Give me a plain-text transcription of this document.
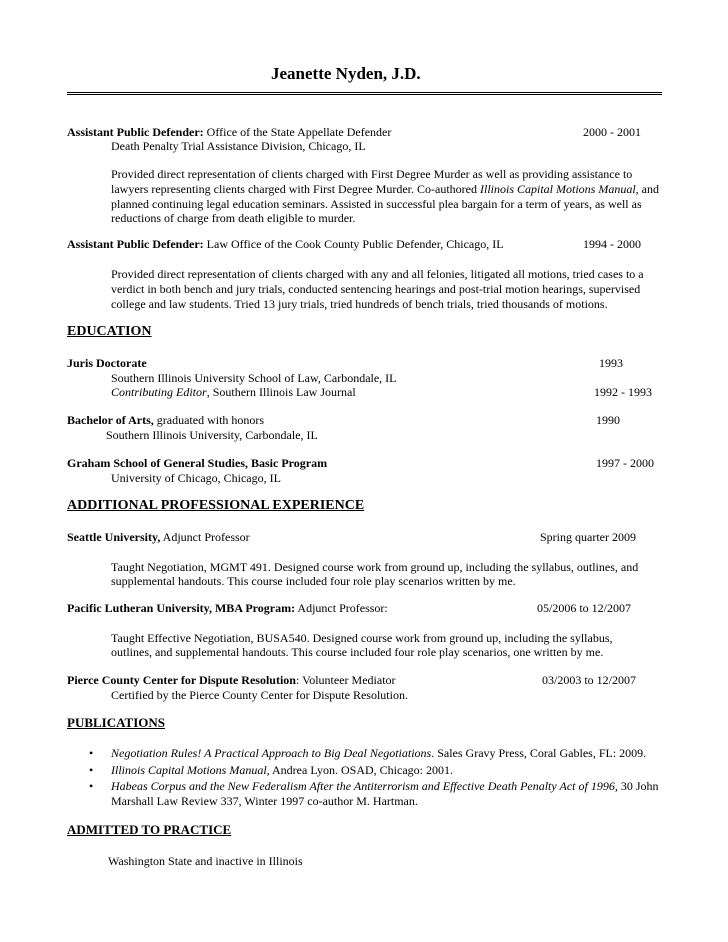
Jeanette Nyden, J.D.
Assistant Public Defender: Office of the State Appellate Defender	2000 - 2001
Death Penalty Trial Assistance Division, Chicago, IL
Provided direct representation of clients charged with First Degree Murder as well as providing assistance to
lawyers representing clients charged with First Degree Murder. Co-authored Illinois Capital Motions Manual, and
planned continuing legal education seminars. Assisted in successful plea bargain for a term of years, as well as
reductions of charge from death eligible to murder.
Assistant Public Defender: Law Office of the Cook County Public Defender, Chicago, IL	1994 - 2000
Provided direct representation of clients charged with any and all felonies, litigated all motions, tried cases to a
verdict in both bench and jury trials, conducted sentencing hearings and post-trial motion hearings, supervised
college and law students. Tried 13 jury trials, tried hundreds of bench trials, tried thousands of motions.
EDUCATION
Juris Doctorate	1993
Southern Illinois University School of Law, Carbondale, IL
Contributing Editor, Southern Illinois Law Journal	1992 - 1993
Bachelor of Arts, graduated with honors	1990
Southern Illinois University, Carbondale, IL
Graham School of General Studies, Basic Program	1997 - 2000
University of Chicago, Chicago, IL
ADDITIONAL PROFESSIONAL EXPERIENCE
Seattle University, Adjunct Professor	Spring quarter 2009
Taught Negotiation, MGMT 491. Designed course work from ground up, including the syllabus, outlines, and
supplemental handouts. This course included four role play scenarios written by me.
Pacific Lutheran University, MBA Program: Adjunct Professor:	05/2006 to 12/2007
Taught Effective Negotiation, BUSA540. Designed course work from ground up, including the syllabus,
outlines, and supplemental handouts. This course included four role play scenarios, one written by me.
Pierce County Center for Dispute Resolution: Volunteer Mediator	03/2003 to 12/2007
Certified by the Pierce County Center for Dispute Resolution.
PUBLICATIONS
• Negotiation Rules! A Practical Approach to Big Deal Negotiations. Sales Gravy Press, Coral Gables, FL: 2009.
• Illinois Capital Motions Manual, Andrea Lyon. OSAD, Chicago: 2001.
• Habeas Corpus and the New Federalism After the Antiterrorism and Effective Death Penalty Act of 1996, 30 John
Marshall Law Review 337, Winter 1997 co-author M. Hartman.
ADMITTED TO PRACTICE
Washington State and inactive in Illinois
